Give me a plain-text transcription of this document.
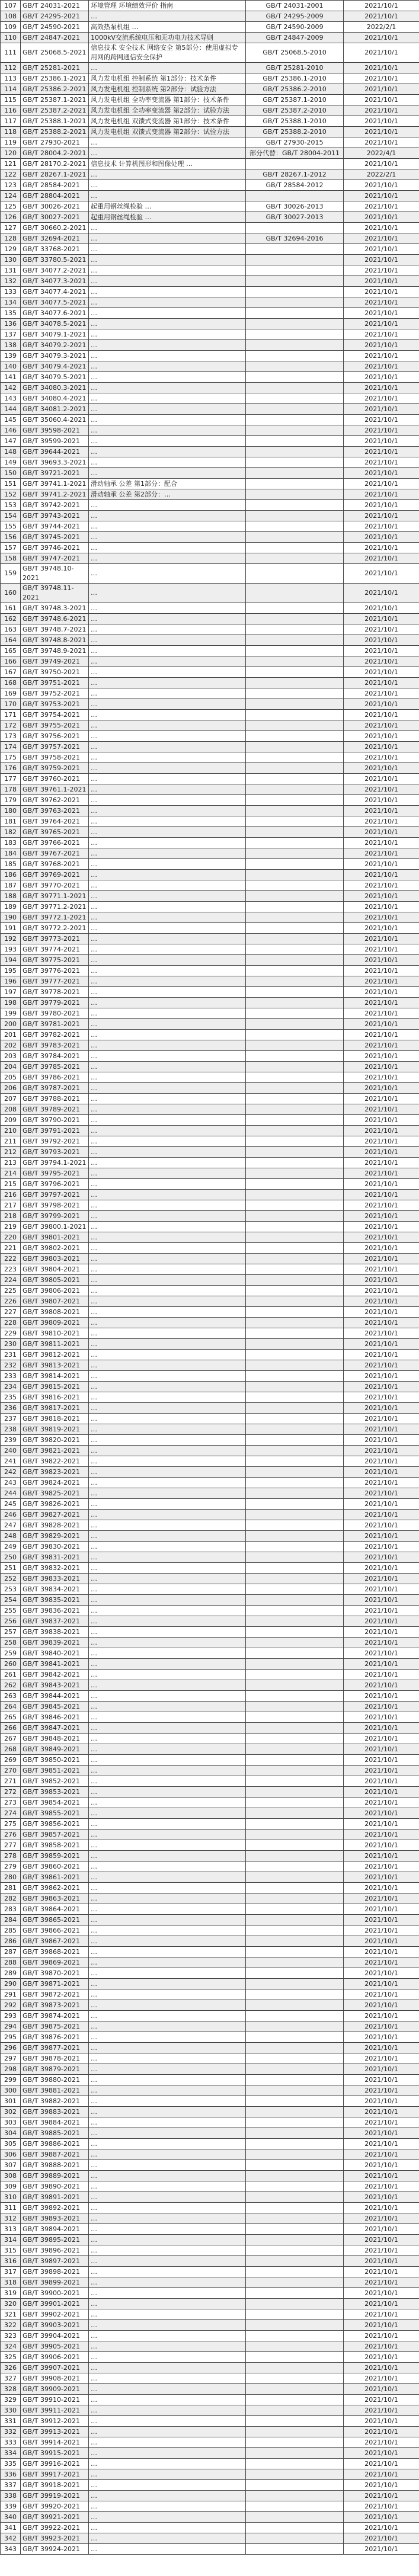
107	GB/T 24031-2021	环境管理 环境绩效评价 指南	GB/T 24031-2001	2021/10/1
108	GB/T 24295-2021	…	GB/T 24295-2009	2021/10/1
109	GB/T 24590-2021	高效热泵机组 …	GB/T 24590-2009	2022/2/1
110	GB/T 24847-2021	1000kV交流系统电压和无功电力技术导则	GB/T 24847-2009	2021/10/1
111	GB/T 25068.5-2021	信息技术 安全技术 网络安全 第5部分：使用虚拟专用网的跨网通信安全保护	GB/T 25068.5-2010	2021/10/1
112	GB/T 25281-2021	…	GB/T 25281-2010	2021/10/1
113	GB/T 25386.1-2021	风力发电机组 控制系统 第1部分：技术条件	GB/T 25386.1-2010	2021/10/1
114	GB/T 25386.2-2021	风力发电机组 控制系统 第2部分：试验方法	GB/T 25386.2-2010	2021/10/1
115	GB/T 25387.1-2021	风力发电机组 全功率变流器 第1部分：技术条件	GB/T 25387.1-2010	2021/10/1
116	GB/T 25387.2-2021	风力发电机组 全功率变流器 第2部分：试验方法	GB/T 25387.2-2010	2021/10/1
117	GB/T 25388.1-2021	风力发电机组 双馈式变流器 第1部分：技术条件	GB/T 25388.1-2010	2021/10/1
118	GB/T 25388.2-2021	风力发电机组 双馈式变流器 第2部分：试验方法	GB/T 25388.2-2010	2021/10/1
119	GB/T 27930-2021	…	GB/T 27930-2015	2021/10/1
120	GB/T 28004.2-2021	…	部分代替：GB/T 28004-2011	2022/4/1
121	GB/T 28170.2-2021	信息技术 计算机图形和图像处理 …		2021/10/1
122	GB/T 28267.1-2021	…	GB/T 28267.1-2012	2022/2/1
123	GB/T 28584-2021	…	GB/T 28584-2012	2021/10/1
124	GB/T 28804-2021	…		2021/10/1
125	GB/T 30026-2021	起重用钢丝绳检验 …	GB/T 30026-2013	2021/10/1
126	GB/T 30027-2021	起重用钢丝绳检验 …	GB/T 30027-2013	2021/10/1
127	GB/T 30660.2-2021	…		2021/10/1
128	GB/T 32694-2021	…	GB/T 32694-2016	2021/10/1
129	GB/T 33768-2021	…		2021/10/1
130	GB/T 33780.5-2021	…		2021/10/1
131	GB/T 34077.2-2021	…		2021/10/1
132	GB/T 34077.3-2021	…		2021/10/1
133	GB/T 34077.4-2021	…		2021/10/1
134	GB/T 34077.5-2021	…		2021/10/1
135	GB/T 34077.6-2021	…		2021/10/1
136	GB/T 34078.5-2021	…		2021/10/1
137	GB/T 34079.1-2021	…		2021/10/1
138	GB/T 34079.2-2021	…		2021/10/1
139	GB/T 34079.3-2021	…		2021/10/1
140	GB/T 34079.4-2021	…		2021/10/1
141	GB/T 34079.5-2021	…		2021/10/1
142	GB/T 34080.3-2021	…		2021/10/1
143	GB/T 34080.4-2021	…		2021/10/1
144	GB/T 34081.2-2021	…		2021/10/1
145	GB/T 35060.4-2021	…		2021/10/1
146	GB/T 39598-2021	…		2021/10/1
147	GB/T 39599-2021	…		2021/10/1
148	GB/T 39644-2021	…		2021/10/1
149	GB/T 39693.3-2021	…		2021/10/1
150	GB/T 39721-2021	…		2021/10/1
151	GB/T 39741.1-2021	滑动轴承 公差 第1部分：配合		2021/10/1
152	GB/T 39741.2-2021	滑动轴承 公差 第2部分：…		2021/10/1
153	GB/T 39742-2021	…		2021/10/1
154	GB/T 39743-2021	…		2021/10/1
155	GB/T 39744-2021	…		2021/10/1
156	GB/T 39745-2021	…		2021/10/1
157	GB/T 39746-2021	…		2021/10/1
158	GB/T 39747-2021	…		2021/10/1
159	GB/T 39748.10-2021	…		2021/10/1
160	GB/T 39748.11-2021	…		2021/10/1
161	GB/T 39748.3-2021	…		2021/10/1
162	GB/T 39748.6-2021	…		2021/10/1
163	GB/T 39748.7-2021	…		2021/10/1
164	GB/T 39748.8-2021	…		2021/10/1
165	GB/T 39748.9-2021	…		2021/10/1
166	GB/T 39749-2021	…		2021/10/1
167	GB/T 39750-2021	…		2021/10/1
168	GB/T 39751-2021	…		2021/10/1
169	GB/T 39752-2021	…		2021/10/1
170	GB/T 39753-2021	…		2021/10/1
171	GB/T 39754-2021	…		2021/10/1
172	GB/T 39755-2021	…		2021/10/1
173	GB/T 39756-2021	…		2021/10/1
174	GB/T 39757-2021	…		2021/10/1
175	GB/T 39758-2021	…		2021/10/1
176	GB/T 39759-2021	…		2021/10/1
177	GB/T 39760-2021	…		2021/10/1
178	GB/T 39761.1-2021	…		2021/10/1
179	GB/T 39762-2021	…		2021/10/1
180	GB/T 39763-2021	…		2021/10/1
181	GB/T 39764-2021	…		2021/10/1
182	GB/T 39765-2021	…		2021/10/1
183	GB/T 39766-2021	…		2021/10/1
184	GB/T 39767-2021	…		2021/10/1
185	GB/T 39768-2021	…		2021/10/1
186	GB/T 39769-2021	…		2021/10/1
187	GB/T 39770-2021	…		2021/10/1
188	GB/T 39771.1-2021	…		2021/10/1
189	GB/T 39771.2-2021	…		2021/10/1
190	GB/T 39772.1-2021	…		2021/10/1
191	GB/T 39772.2-2021	…		2021/10/1
192	GB/T 39773-2021	…		2021/10/1
193	GB/T 39774-2021	…		2021/10/1
194	GB/T 39775-2021	…		2021/10/1
195	GB/T 39776-2021	…		2021/10/1
196	GB/T 39777-2021	…		2021/10/1
197	GB/T 39778-2021	…		2021/10/1
198	GB/T 39779-2021	…		2021/10/1
199	GB/T 39780-2021	…		2021/10/1
200	GB/T 39781-2021	…		2021/10/1
201	GB/T 39782-2021	…		2021/10/1
202	GB/T 39783-2021	…		2021/10/1
203	GB/T 39784-2021	…		2021/10/1
204	GB/T 39785-2021	…		2021/10/1
205	GB/T 39786-2021	…		2021/10/1
206	GB/T 39787-2021	…		2021/10/1
207	GB/T 39788-2021	…		2021/10/1
208	GB/T 39789-2021	…		2021/10/1
209	GB/T 39790-2021	…		2021/10/1
210	GB/T 39791-2021	…		2021/10/1
211	GB/T 39792-2021	…		2021/10/1
212	GB/T 39793-2021	…		2021/10/1
213	GB/T 39794.1-2021	…		2021/10/1
214	GB/T 39795-2021	…		2021/10/1
215	GB/T 39796-2021	…		2021/10/1
216	GB/T 39797-2021	…		2021/10/1
217	GB/T 39798-2021	…		2021/10/1
218	GB/T 39799-2021	…		2021/10/1
219	GB/T 39800.1-2021	…		2021/10/1
220	GB/T 39801-2021	…		2021/10/1
221	GB/T 39802-2021	…		2021/10/1
222	GB/T 39803-2021	…		2021/10/1
223	GB/T 39804-2021	…		2021/10/1
224	GB/T 39805-2021	…		2021/10/1
225	GB/T 39806-2021	…		2021/10/1
226	GB/T 39807-2021	…		2021/10/1
227	GB/T 39808-2021	…		2021/10/1
228	GB/T 39809-2021	…		2021/10/1
229	GB/T 39810-2021	…		2021/10/1
230	GB/T 39811-2021	…		2021/10/1
231	GB/T 39812-2021	…		2021/10/1
232	GB/T 39813-2021	…		2021/10/1
233	GB/T 39814-2021	…		2021/10/1
234	GB/T 39815-2021	…		2021/10/1
235	GB/T 39816-2021	…		2021/10/1
236	GB/T 39817-2021	…		2021/10/1
237	GB/T 39818-2021	…		2021/10/1
238	GB/T 39819-2021	…		2021/10/1
239	GB/T 39820-2021	…		2021/10/1
240	GB/T 39821-2021	…		2021/10/1
241	GB/T 39822-2021	…		2021/10/1
242	GB/T 39823-2021	…		2021/10/1
243	GB/T 39824-2021	…		2021/10/1
244	GB/T 39825-2021	…		2021/10/1
245	GB/T 39826-2021	…		2021/10/1
246	GB/T 39827-2021	…		2021/10/1
247	GB/T 39828-2021	…		2021/10/1
248	GB/T 39829-2021	…		2021/10/1
249	GB/T 39830-2021	…		2021/10/1
250	GB/T 39831-2021	…		2021/10/1
251	GB/T 39832-2021	…		2021/10/1
252	GB/T 39833-2021	…		2021/10/1
253	GB/T 39834-2021	…		2021/10/1
254	GB/T 39835-2021	…		2021/10/1
255	GB/T 39836-2021	…		2021/10/1
256	GB/T 39837-2021	…		2021/10/1
257	GB/T 39838-2021	…		2021/10/1
258	GB/T 39839-2021	…		2021/10/1
259	GB/T 39840-2021	…		2021/10/1
260	GB/T 39841-2021	…		2021/10/1
261	GB/T 39842-2021	…		2021/10/1
262	GB/T 39843-2021	…		2021/10/1
263	GB/T 39844-2021	…		2021/10/1
264	GB/T 39845-2021	…		2021/10/1
265	GB/T 39846-2021	…		2021/10/1
266	GB/T 39847-2021	…		2021/10/1
267	GB/T 39848-2021	…		2021/10/1
268	GB/T 39849-2021	…		2021/10/1
269	GB/T 39850-2021	…		2021/10/1
270	GB/T 39851-2021	…		2021/10/1
271	GB/T 39852-2021	…		2021/10/1
272	GB/T 39853-2021	…		2021/10/1
273	GB/T 39854-2021	…		2021/10/1
274	GB/T 39855-2021	…		2021/10/1
275	GB/T 39856-2021	…		2021/10/1
276	GB/T 39857-2021	…		2021/10/1
277	GB/T 39858-2021	…		2021/10/1
278	GB/T 39859-2021	…		2021/10/1
279	GB/T 39860-2021	…		2021/10/1
280	GB/T 39861-2021	…		2021/10/1
281	GB/T 39862-2021	…		2021/10/1
282	GB/T 39863-2021	…		2021/10/1
283	GB/T 39864-2021	…		2021/10/1
284	GB/T 39865-2021	…		2021/10/1
285	GB/T 39866-2021	…		2021/10/1
286	GB/T 39867-2021	…		2021/10/1
287	GB/T 39868-2021	…		2021/10/1
288	GB/T 39869-2021	…		2021/10/1
289	GB/T 39870-2021	…		2021/10/1
290	GB/T 39871-2021	…		2021/10/1
291	GB/T 39872-2021	…		2021/10/1
292	GB/T 39873-2021	…		2021/10/1
293	GB/T 39874-2021	…		2021/10/1
294	GB/T 39875-2021	…		2021/10/1
295	GB/T 39876-2021	…		2021/10/1
296	GB/T 39877-2021	…		2021/10/1
297	GB/T 39878-2021	…		2021/10/1
298	GB/T 39879-2021	…		2021/10/1
299	GB/T 39880-2021	…		2021/10/1
300	GB/T 39881-2021	…		2021/10/1
301	GB/T 39882-2021	…		2021/10/1
302	GB/T 39883-2021	…		2021/10/1
303	GB/T 39884-2021	…		2021/10/1
304	GB/T 39885-2021	…		2021/10/1
305	GB/T 39886-2021	…		2021/10/1
306	GB/T 39887-2021	…		2021/10/1
307	GB/T 39888-2021	…		2021/10/1
308	GB/T 39889-2021	…		2021/10/1
309	GB/T 39890-2021	…		2021/10/1
310	GB/T 39891-2021	…		2021/10/1
311	GB/T 39892-2021	…		2021/10/1
312	GB/T 39893-2021	…		2021/10/1
313	GB/T 39894-2021	…		2021/10/1
314	GB/T 39895-2021	…		2021/10/1
315	GB/T 39896-2021	…		2021/10/1
316	GB/T 39897-2021	…		2021/10/1
317	GB/T 39898-2021	…		2021/10/1
318	GB/T 39899-2021	…		2021/10/1
319	GB/T 39900-2021	…		2021/10/1
320	GB/T 39901-2021	…		2021/10/1
321	GB/T 39902-2021	…		2021/10/1
322	GB/T 39903-2021	…		2021/10/1
323	GB/T 39904-2021	…		2021/10/1
324	GB/T 39905-2021	…		2021/10/1
325	GB/T 39906-2021	…		2021/10/1
326	GB/T 39907-2021	…		2021/10/1
327	GB/T 39908-2021	…		2021/10/1
328	GB/T 39909-2021	…		2021/10/1
329	GB/T 39910-2021	…		2021/10/1
330	GB/T 39911-2021	…		2021/10/1
331	GB/T 39912-2021	…		2021/10/1
332	GB/T 39913-2021	…		2021/10/1
333	GB/T 39914-2021	…		2021/10/1
334	GB/T 39915-2021	…		2021/10/1
335	GB/T 39916-2021	…		2021/10/1
336	GB/T 39917-2021	…		2021/10/1
337	GB/T 39918-2021	…		2021/10/1
338	GB/T 39919-2021	…		2021/10/1
339	GB/T 39920-2021	…		2021/10/1
340	GB/T 39921-2021	…		2021/10/1
341	GB/T 39922-2021	…		2021/10/1
342	GB/T 39923-2021	…		2021/10/1
343	GB/T 39924-2021	…		2021/10/1
